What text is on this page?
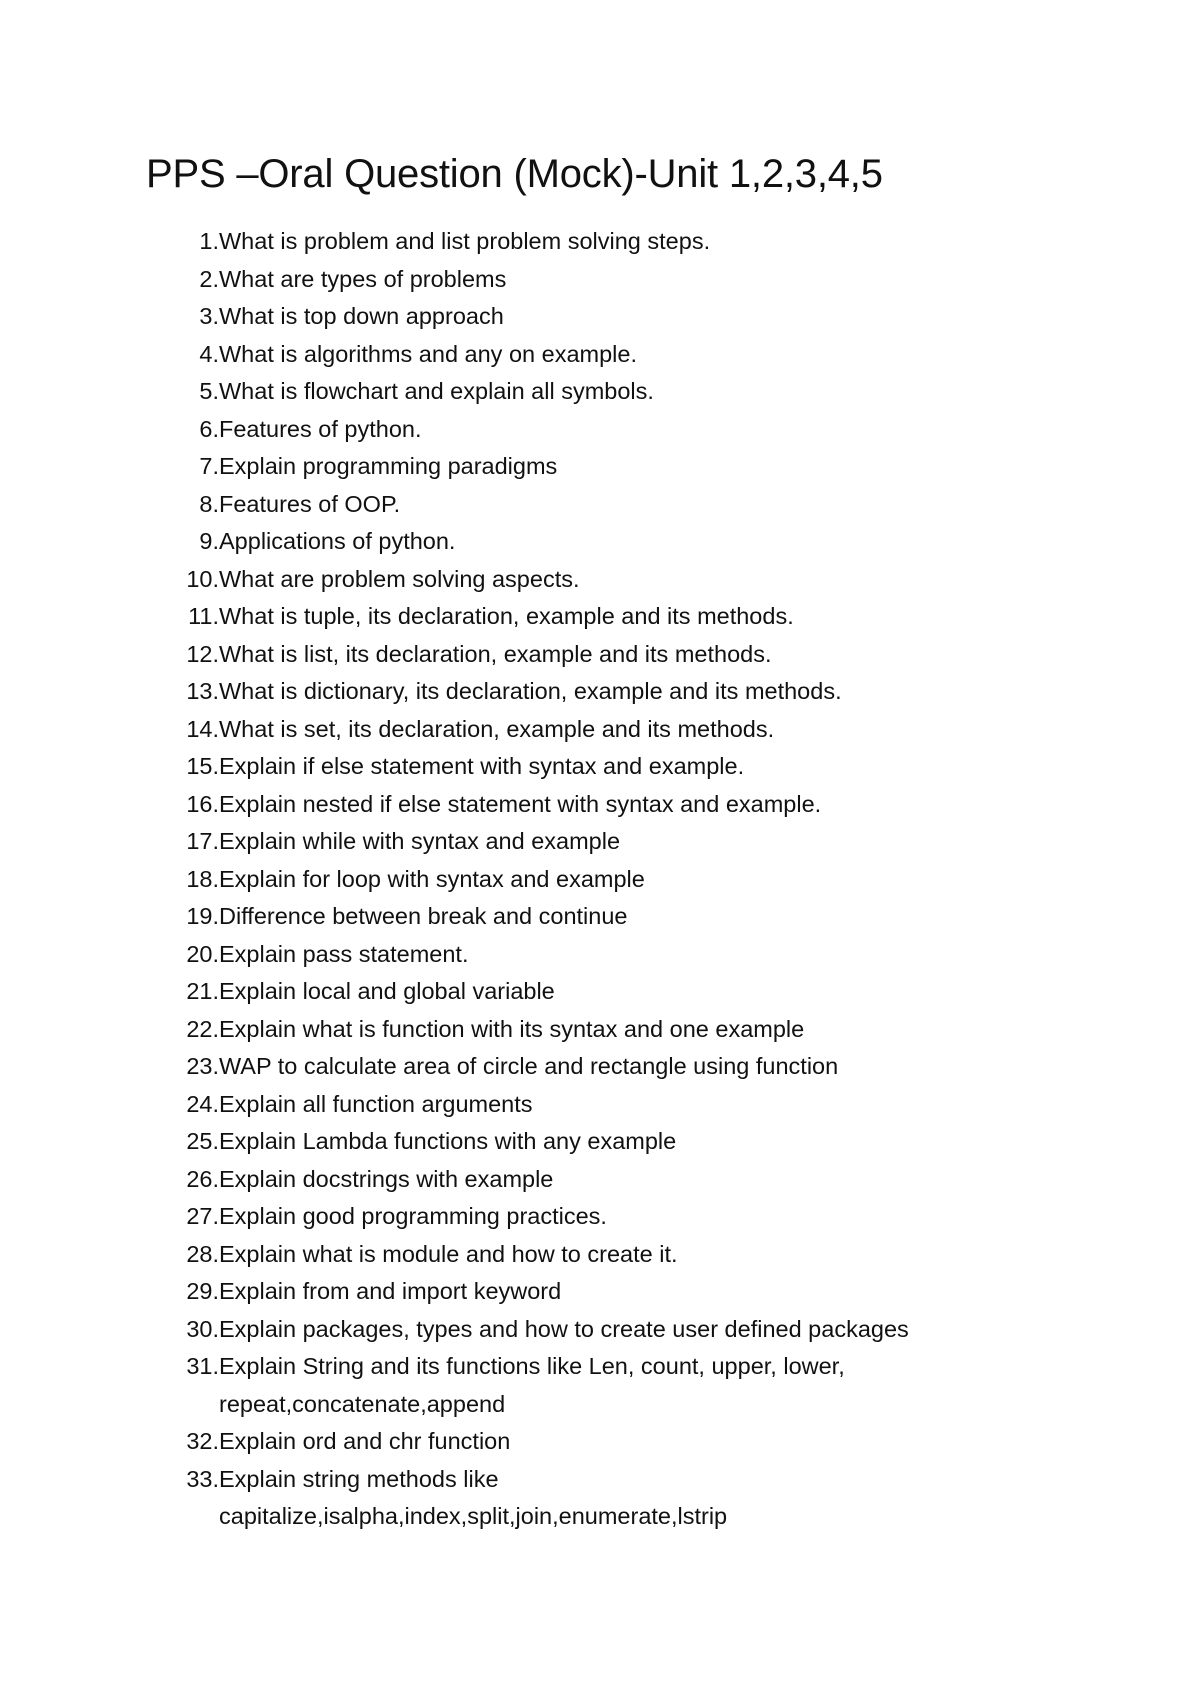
PPS –Oral Question (Mock)-Unit 1,2,3,4,5
1. What is problem and list problem solving steps.
2. What are types of problems
3. What is top down approach
4. What is algorithms and any on example.
5. What is flowchart and explain all symbols.
6. Features of python.
7. Explain programming paradigms
8. Features of OOP.
9. Applications of python.
10. What are problem solving aspects.
11. What is tuple, its declaration, example and its methods.
12. What is list, its declaration, example and its methods.
13. What is dictionary, its declaration, example and its methods.
14. What is set, its declaration, example and its methods.
15. Explain if else statement with syntax and example.
16. Explain nested if else statement with syntax and example.
17. Explain while with syntax and example
18. Explain for loop with syntax and example
19. Difference between break and continue
20. Explain pass statement.
21. Explain local and global variable
22. Explain what is function with its syntax and one example
23. WAP to calculate area of circle and rectangle using function
24. Explain all function arguments
25. Explain Lambda functions with any example
26. Explain docstrings with example
27. Explain good programming practices.
28. Explain what is module and how to create it.
29. Explain from and import keyword
30. Explain packages, types and how to create user defined packages
31. Explain String and its functions like Len, count, upper, lower,
repeat,concatenate,append
32. Explain ord and chr function
33. Explain string methods like
capitalize,isalpha,index,split,join,enumerate,lstrip
